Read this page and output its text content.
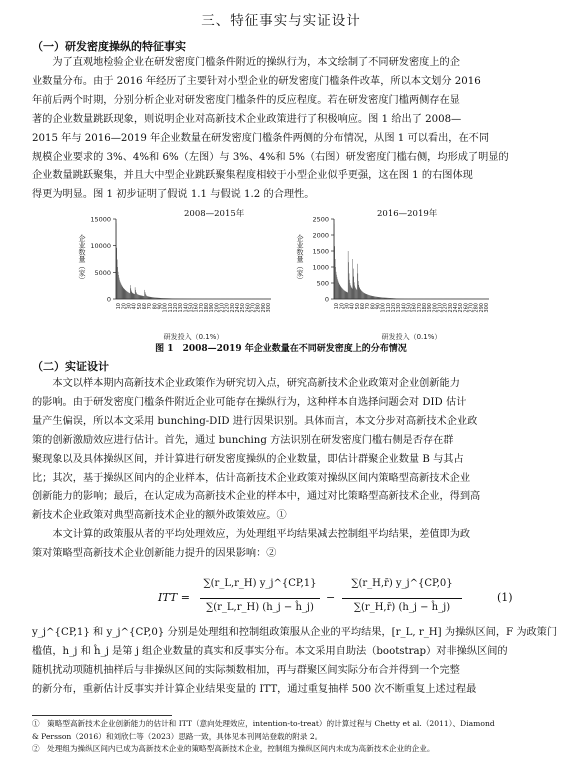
三、特征事实与实证设计
（一）研发密度操纵的特征事实
为了直观地检验企业在研发密度门槛条件附近的操纵行为，本文绘制了不同研发密度上的企
业数量分布。由于 2016 年经历了主要针对小型企业的研发密度门槛条件改革，所以本文划分 2016
年前后两个时期，分别分析企业对研发密度门槛条件的反应程度。若在研发密度门槛两侧存在显
著的企业数量跳跃现象，则说明企业对高新技术企业政策进行了积极响应。图 1 给出了 2008—
2015 年与 2016—2019 年企业数量在研发密度门槛条件两侧的分布情况，从图 1 可以看出，在不同
规模企业要求的 3%、4%和 6%（左图）与 3%、4%和 5%（右图）研发密度门槛右侧，均形成了明显的
企业数量跳跃聚集，并且大中型企业跳跃聚集程度相较于小型企业似乎更强，这在图 1 的右图体现
得更为明显。图 1 初步证明了假说 1.1 与假说 1.2 的合理性。
2008—2015年	2016—2019年
0
5000
10000
15000
10 20 30 40 50 60 70 80 90 100 110 120 130 140 150 160 170 180 190 200 210 220 230 240 250 260 270 280 290 300
企业数量（家）
研发投入（0.1%）
0
500
1000
1500
2000
2500
10 20 30 40 50 60 70 80 90 100 110 120 130 140 150 160 170 180 190 200 210 220 230 240 250 260 270 280 290 300
企业数量（家）
研发投入（0.1%）
图 1　2008—2019 年企业数量在不同研发密度上的分布情况
（二）实证设计
本文以样本期内高新技术企业政策作为研究切入点，研究高新技术企业政策对企业创新能力
的影响。由于研发密度门槛条件附近企业可能存在操纵行为，这种样本自选择问题会对 DID 估计
量产生偏误，所以本文采用 bunching-DID 进行因果识别。具体而言，本文分步对高新技术企业政
策的创新激励效应进行估计。首先，通过 bunching 方法识别在研发密度门槛右侧是否存在群
聚现象以及具体操纵区间，并计算进行研发密度操纵的企业数量，即估计群聚企业数量 B 与其占
比；其次，基于操纵区间内的企业样本，估计高新技术企业政策对操纵区间内策略型高新技术企业
创新能力的影响；最后，在认定成为高新技术企业的样本中，通过对比策略型高新技术企业，得到高
新技术企业政策对典型高新技术企业的额外政策效应。①
本文计算的政策服从者的平均处理效应，为处理组平均结果减去控制组平均结果，差值即为政
策对策略型高新技术企业创新能力提升的因果影响：②
ITT =
∑(r_L,r_H) y_j^{CP,1}
∑(r_L,r_H) (h_j − ĥ_j)
−
∑(r_H,r̄) y_j^{CP,0}
∑(r_H,r̄) (h_j − ĥ_j)
(1)
y_j^{CP,1} 和 y_j^{CP,0} 分别是处理组和控制组政策服从企业的平均结果，[r_L, r_H] 为操纵区间，F 为政策门
槛值，h_j 和 ĥ_j 是第 j 组企业数量的真实和反事实分布。本文采用自助法（bootstrap）对非操纵区间的
随机扰动项随机抽样后与非操纵区间的实际频数相加，再与群聚区间实际分布合并得到一个完整
的新分布，重新估计反事实并计算企业结果变量的 ITT，通过重复抽样 500 次不断重复上述过程最
①　策略型高新技术企业创新能力的估计和 ITT（意向处理效应，intention-to-treat）的计算过程与 Chetty et al.（2011）、Diamond
& Persson（2016）和刘欣仁等（2023）思路一致，具体见本刊网站登载的附录 2。
②　处理组为操纵区间内已成为高新技术企业的策略型高新技术企业，控制组为操纵区间内未成为高新技术企业的企业。
